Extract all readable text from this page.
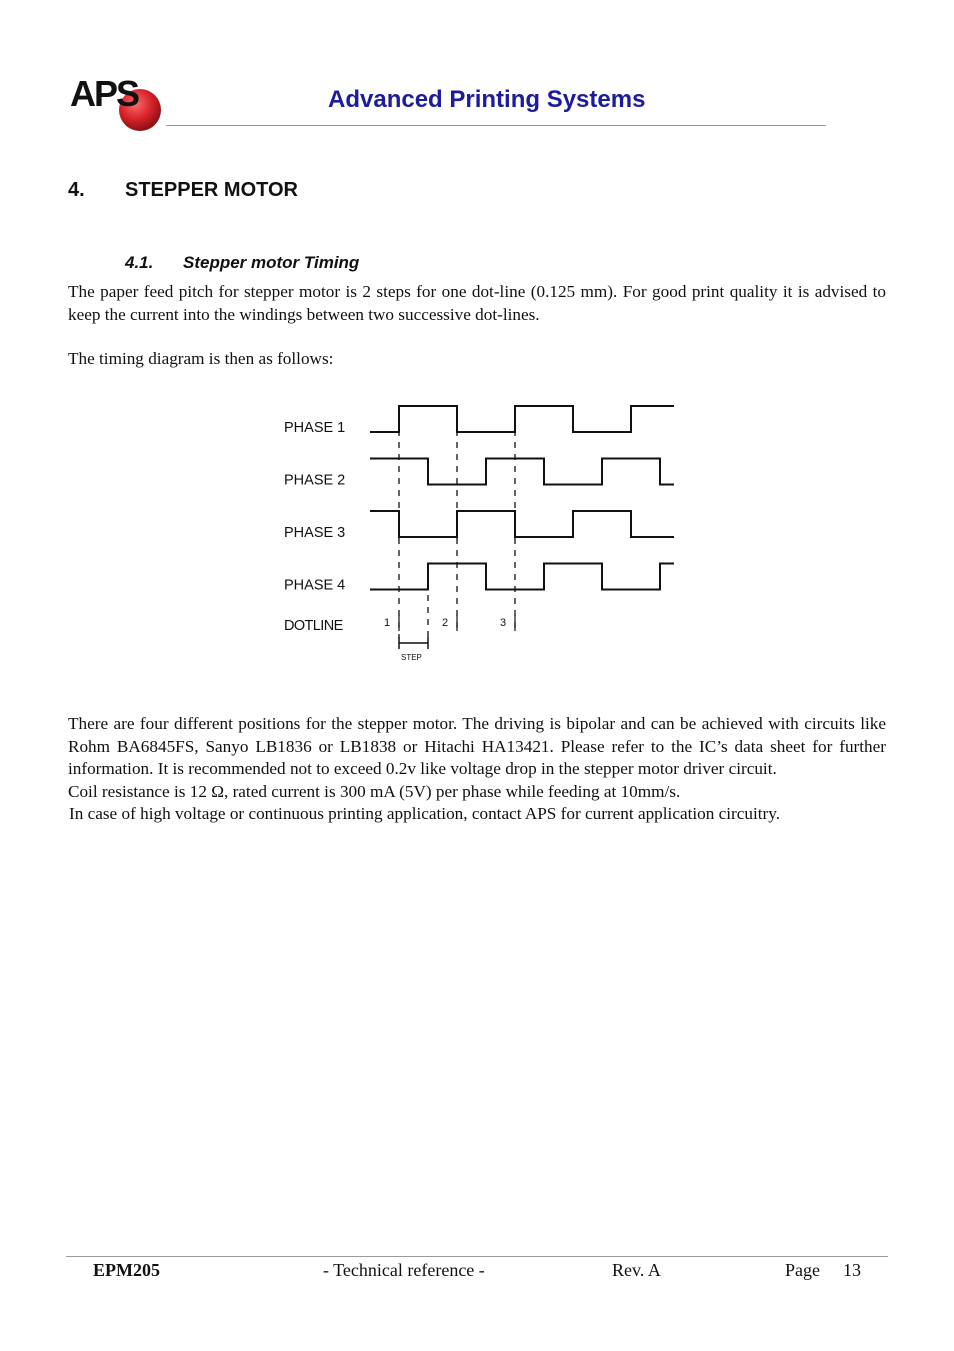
APS	Advanced Printing Systems
4. STEPPER MOTOR
4.1. Stepper motor Timing
The paper feed pitch for stepper motor is 2 steps for one dot-line (0.125 mm). For good print quality it is advised to keep the current into the windings between two successive dot-lines.
The timing diagram is then as follows:
PHASE 1
PHASE 2
PHASE 3
PHASE 4
DOTLINE	1	2	3
STEP
There are four different positions for the stepper motor. The driving is bipolar and can be achieved with circuits like Rohm BA6845FS, Sanyo LB1836 or LB1838 or Hitachi HA13421. Please refer to the IC’s data sheet for further information. It is recommended not to exceed 0.2v like voltage drop in the stepper motor driver circuit.
Coil resistance is 12 Ω, rated current is 300 mA (5V) per phase while feeding at 10mm/s.
In case of high voltage or continuous printing application, contact APS for current application circuitry.
EPM205	- Technical reference -	Rev. A	Page 13
